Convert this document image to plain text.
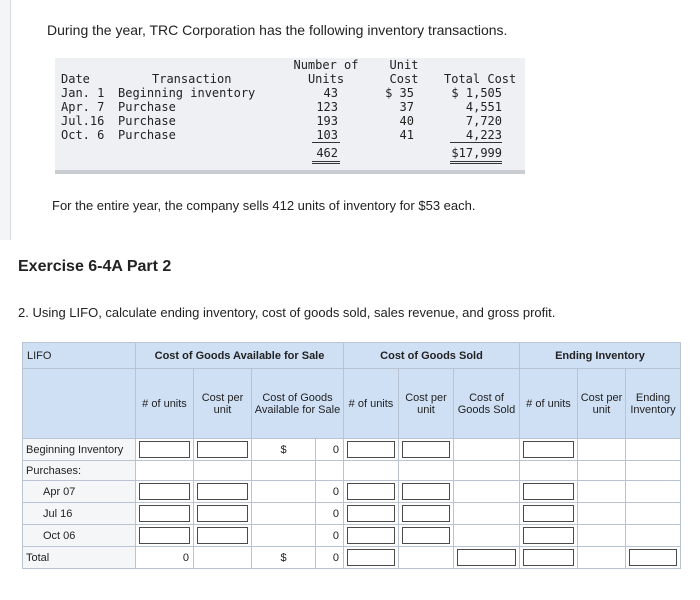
During the year, TRC Corporation has the following inventory transactions.
Number of	Unit
Date	Transaction	Units	Cost	Total Cost
Jan. 1 Beginning inventory	43	$ 35	$ 1,505
Apr. 7 Purchase	123	37	4,551
Jul.16 Purchase	193	40	7,720
Oct. 6 Purchase	103	41	4,223
462	$17,999
For the entire year, the company sells 412 units of inventory for $53 each.
Exercise 6-4A Part 2
2. Using LIFO, calculate ending inventory, cost of goods sold, sales revenue, and gross profit.
LIFO	Cost of Goods Available for Sale				Cost of Goods Sold			Ending Inventory		
	# of units	Cost per unit	Cost of Goods Available for Sale		# of units	Cost per unit	Cost of Goods Sold	# of units	Cost per unit	Ending Inventory
Beginning Inventory			$	0	

Purchases:										
Apr 07				0	

Jul 16				0	

Oct 06				0	

Total	0		$	0	
